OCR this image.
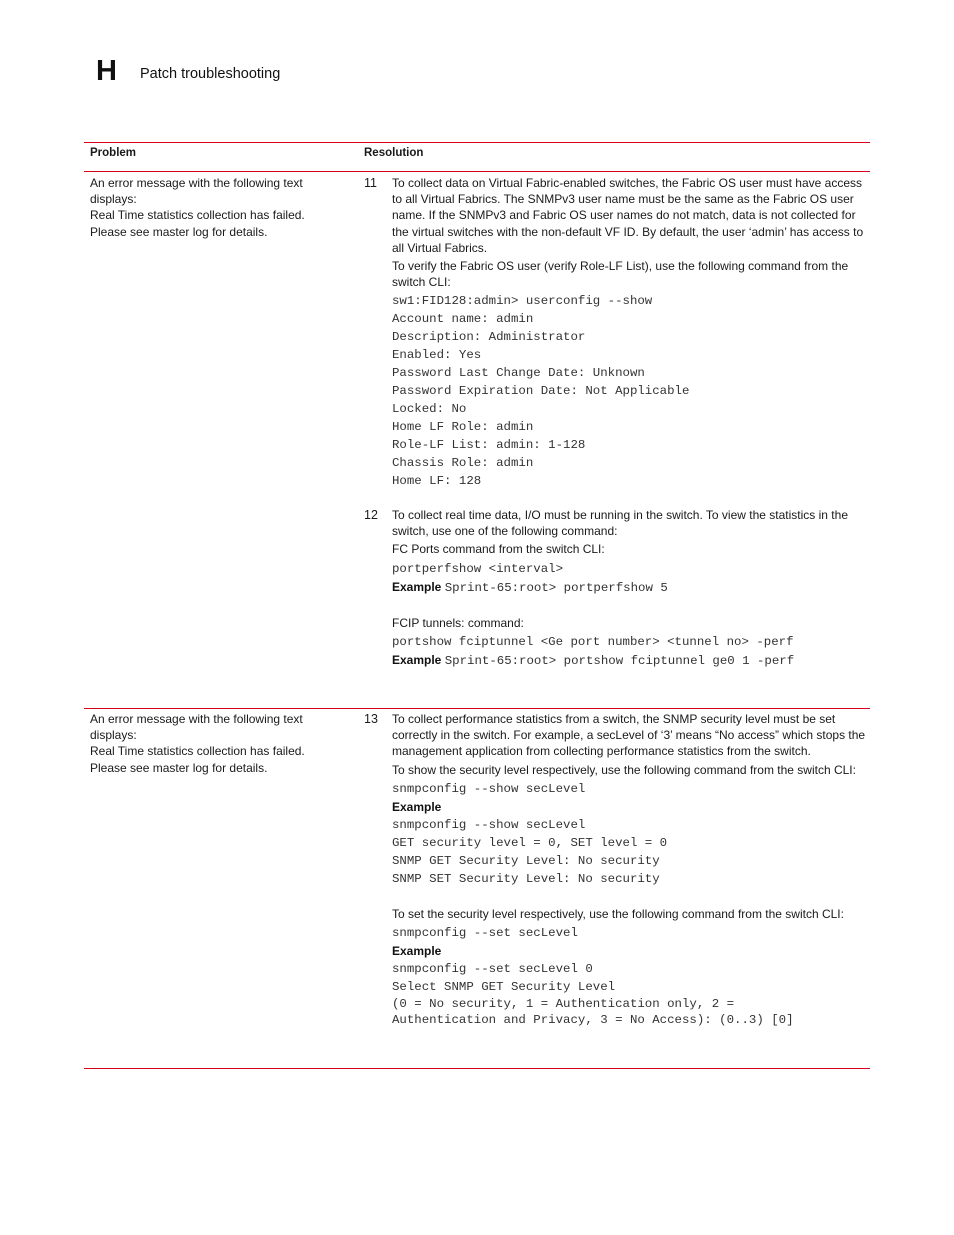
H Patch troubleshooting
Problem	Resolution
An error message with the following text displays:
Real Time statistics collection has failed.
Please see master log for details.
11 To collect data on Virtual Fabric-enabled switches, the Fabric OS user must have access to all Virtual Fabrics. The SNMPv3 user name must be the same as the Fabric OS user name. If the SNMPv3 and Fabric OS user names do not match, data is not collected for the virtual switches with the non-default VF ID. By default, the user ‘admin’ has access to all Virtual Fabrics.

To verify the Fabric OS user (verify Role-LF List), use the following command from the switch CLI:

sw1:FID128:admin> userconfig --show
Account name: admin
Description: Administrator
Enabled: Yes
Password Last Change Date: Unknown
Password Expiration Date: Not Applicable
Locked: No
Home LF Role: admin
Role-LF List: admin: 1-128
Chassis Role: admin
Home LF: 128
12 To collect real time data, I/O must be running in the switch. To view the statistics in the switch, use one of the following command:

FC Ports command from the switch CLI:

portperfshow <interval>
Example Sprint-65:root> portperfshow 5

FCIP tunnels: command:

portshow fciptunnel <Ge port number> <tunnel no> -perf
Example Sprint-65:root> portshow fciptunnel ge0 1 -perf
An error message with the following text displays:
Real Time statistics collection has failed.
Please see master log for details.
13 To collect performance statistics from a switch, the SNMP security level must be set correctly in the switch. For example, a secLevel of ‘3’ means “No access” which stops the management application from collecting performance statistics from the switch.

To show the security level respectively, use the following command from the switch CLI:

snmpconfig --show secLevel
Example
snmpconfig --show secLevel
GET security level = 0, SET level = 0
SNMP GET Security Level: No security
SNMP SET Security Level: No security

To set the security level respectively, use the following command from the switch CLI:

snmpconfig --set secLevel
Example
snmpconfig --set secLevel 0
Select SNMP GET Security Level
(0 = No security, 1 = Authentication only, 2 =
Authentication and Privacy, 3 = No Access): (0..3) [0]
